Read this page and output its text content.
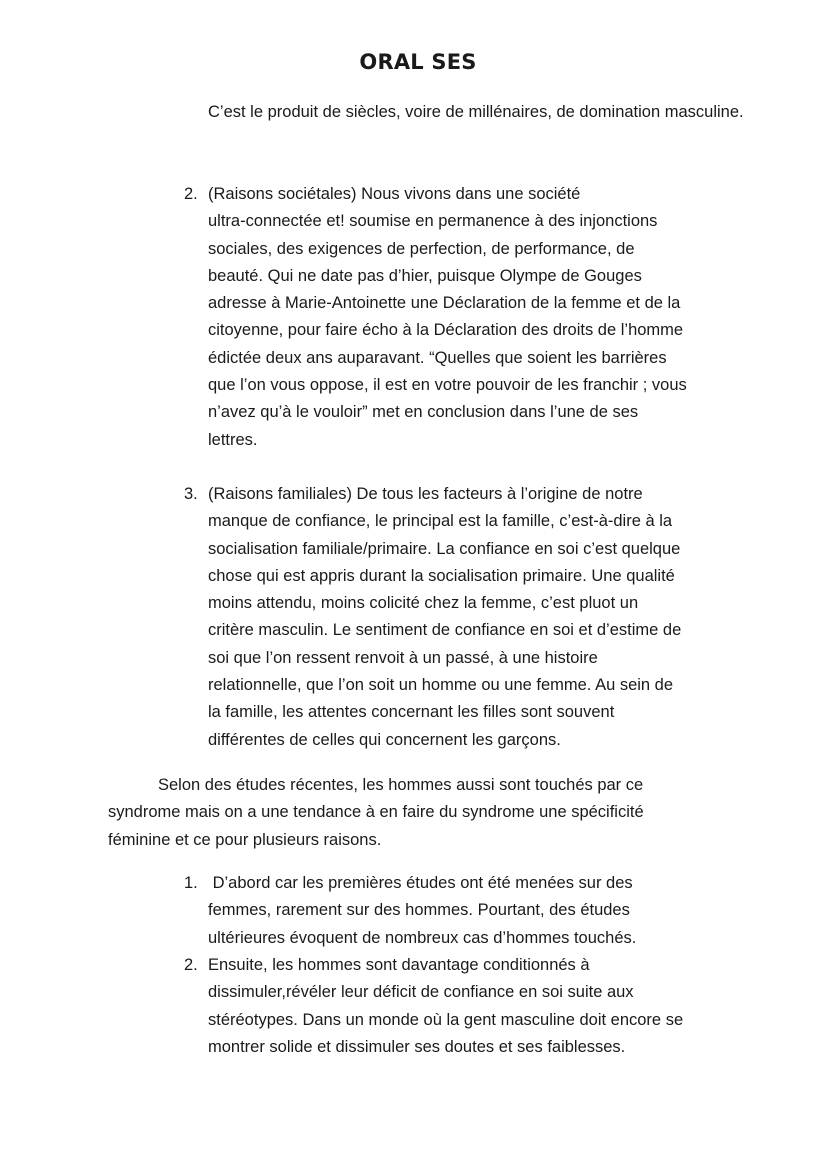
ORAL SES

C’est le produit de siècles, voire de millénaires, de domination masculine.

2. (Raisons sociétales) Nous vivons dans une société
ultra-connectée et! soumise en permanence à des injonctions
sociales, des exigences de perfection, de performance, de
beauté. Qui ne date pas d’hier, puisque Olympe de Gouges
adresse à Marie-Antoinette une Déclaration de la femme et de la
citoyenne, pour faire écho à la Déclaration des droits de l’homme
édictée deux ans auparavant. “Quelles que soient les barrières
que l’on vous oppose, il est en votre pouvoir de les franchir ; vous
n’avez qu’à le vouloir” met en conclusion dans l’une de ses
lettres.
3. (Raisons familiales) De tous les facteurs à l’origine de notre
manque de confiance, le principal est la famille, c’est-à-dire à la
socialisation familiale/primaire. La confiance en soi c’est quelque
chose qui est appris durant la socialisation primaire. Une qualité
moins attendu, moins colicité chez la femme, c’est pluot un
critère masculin. Le sentiment de confiance en soi et d’estime de
soi que l’on ressent renvoit à un passé, à une histoire
relationnelle, que l’on soit un homme ou une femme. Au sein de
la famille, les attentes concernant les filles sont souvent
différentes de celles qui concernent les garçons.
Selon des études récentes, les hommes aussi sont touchés par ce
syndrome mais on a une tendance à en faire du syndrome une spécificité
féminine et ce pour plusieurs raisons.
1. D’abord car les premières études ont été menées sur des
femmes, rarement sur des hommes. Pourtant, des études
ultérieures évoquent de nombreux cas d’hommes touchés.
2. Ensuite, les hommes sont davantage conditionnés à
dissimuler,révéler leur déficit de confiance en soi suite aux
stéréotypes. Dans un monde où la gent masculine doit encore se
montrer solide et dissimuler ses doutes et ses faiblesses.
